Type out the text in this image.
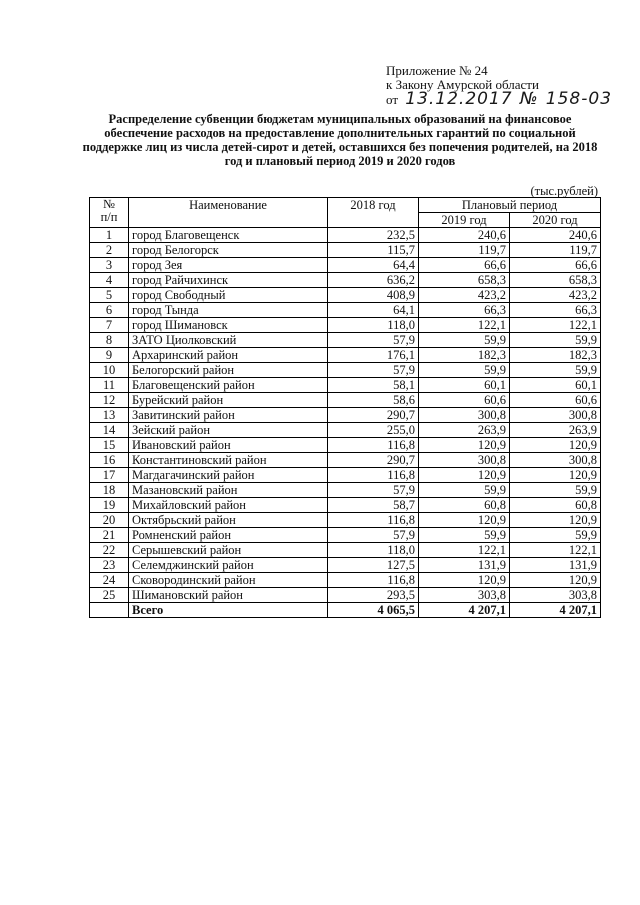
Приложение № 24
к Закону Амурской области
от 13.12.2017 № 158-03
Распределение субвенции бюджетам муниципальных образований на финансовое обеспечение расходов на предоставление дополнительных гарантий по социальной поддержке лиц из числа детей-сирот и детей, оставшихся без попечения родителей, на 2018 год и плановый период 2019 и 2020 годов
(тыс.рублей)
№
п/п	Наименование	2018 год	Плановый период	
			2019 год	2020 год
1	город Благовещенск	232,5	240,6	240,6
2	город Белогорск	115,7	119,7	119,7
3	город Зея	64,4	66,6	66,6
4	город Райчихинск	636,2	658,3	658,3
5	город Свободный	408,9	423,2	423,2
6	город Тында	64,1	66,3	66,3
7	город Шимановск	118,0	122,1	122,1
8	ЗАТО Циолковский	57,9	59,9	59,9
9	Архаринский район	176,1	182,3	182,3
10	Белогорский район	57,9	59,9	59,9
11	Благовещенский район	58,1	60,1	60,1
12	Бурейский район	58,6	60,6	60,6
13	Завитинский район	290,7	300,8	300,8
14	Зейский район	255,0	263,9	263,9
15	Ивановский район	116,8	120,9	120,9
16	Константиновский район	290,7	300,8	300,8
17	Магдагачинский район	116,8	120,9	120,9
18	Мазановский район	57,9	59,9	59,9
19	Михайловский район	58,7	60,8	60,8
20	Октябрьский район	116,8	120,9	120,9
21	Ромненский район	57,9	59,9	59,9
22	Серышевский район	118,0	122,1	122,1
23	Селемджинский район	127,5	131,9	131,9
24	Сковородинский район	116,8	120,9	120,9
25	Шимановский район	293,5	303,8	303,8
	Всего	4 065,5	4 207,1	4 207,1
